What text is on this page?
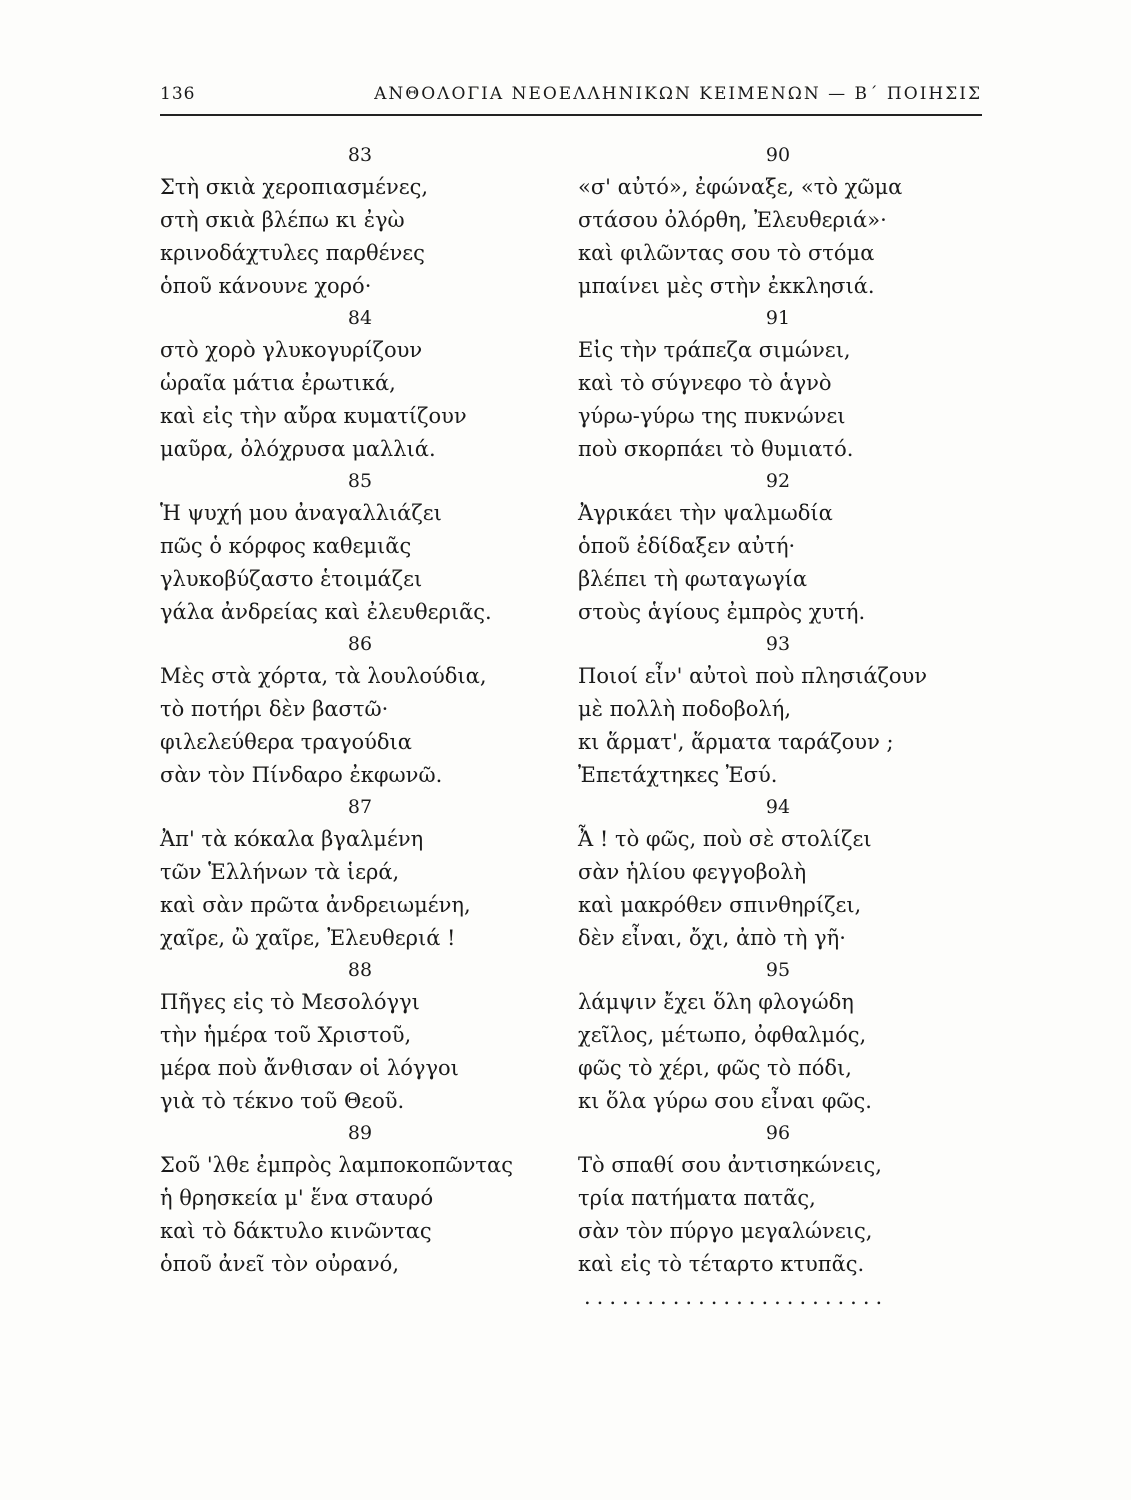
136	ΑΝΘΟΛΟΓΙΑ ΝΕΟΕΛΛΗΝΙΚΩΝ ΚΕΙΜΕΝΩΝ — Β΄ ΠΟΙΗΣΙΣ
83
Στὴ σκιὰ χεροπιασμένες,
στὴ σκιὰ βλέπω κι ἐγὼ
κρινοδάχτυλες παρθένες
ὁποῦ κάνουνε χορό·
84
στὸ χορὸ γλυκογυρίζουν
ὡραῖα μάτια ἐρωτικά,
καὶ εἰς τὴν αὔρα κυματίζουν
μαῦρα, ὀλόχρυσα μαλλιά.
85
Ἡ ψυχή μου ἀναγαλλιάζει
πῶς ὁ κόρφος καθεμιᾶς
γλυκοβύζαστο ἑτοιμάζει
γάλα ἀνδρείας καὶ ἐλευθεριᾶς.
86
Μὲς στὰ χόρτα, τὰ λουλούδια,
τὸ ποτήρι δὲν βαστῶ·
φιλελεύθερα τραγούδια
σὰν τὸν Πίνδαρο ἐκφωνῶ.
87
Ἀπ' τὰ κόκαλα βγαλμένη
τῶν Ἑλλήνων τὰ ἱερά,
καὶ σὰν πρῶτα ἀνδρειωμένη,
χαῖρε, ὢ χαῖρε, Ἐλευθεριά !
88
Πῆγες εἰς τὸ Μεσολόγγι
τὴν ἡμέρα τοῦ Χριστοῦ,
μέρα ποὺ ἄνθισαν οἱ λόγγοι
γιὰ τὸ τέκνο τοῦ Θεοῦ.
89
Σοῦ 'λθε ἐμπρὸς λαμποκοπῶντας
ἡ θρησκεία μ' ἕνα σταυρό
καὶ τὸ δάκτυλο κινῶντας
ὁποῦ ἀνεῖ τὸν οὐρανό,
90
«σ' αὐτό», ἐφώναξε, «τὸ χῶμα
στάσου ὀλόρθη, Ἐλευθεριά»·
καὶ φιλῶντας σου τὸ στόμα
μπαίνει μὲς στὴν ἐκκλησιά.
91
Εἰς τὴν τράπεζα σιμώνει,
καὶ τὸ σύγνεφο τὸ ἁγνὸ
γύρω-γύρω της πυκνώνει
ποὺ σκορπάει τὸ θυμιατό.
92
Ἀγρικάει τὴν ψαλμωδία
ὁποῦ ἐδίδαξεν αὐτή·
βλέπει τὴ φωταγωγία
στοὺς ἁγίους ἐμπρὸς χυτή.
93
Ποιοί εἶν' αὐτοὶ ποὺ πλησιάζουν
μὲ πολλὴ ποδοβολή,
κι ἅρματ', ἅρματα ταράζουν ;
Ἐπετάχτηκες Ἐσύ.
94
Ἆ ! τὸ φῶς, ποὺ σὲ στολίζει
σὰν ἡλίου φεγγοβολὴ
καὶ μακρόθεν σπινθηρίζει,
δὲν εἶναι, ὄχι, ἀπὸ τὴ γῆ·
95
λάμψιν ἔχει ὅλη φλογώδη
χεῖλος, μέτωπο, ὀφθαλμός,
φῶς τὸ χέρι, φῶς τὸ πόδι,
κι ὅλα γύρω σου εἶναι φῶς.
96
Τὸ σπαθί σου ἀντισηκώνεις,
τρία πατήματα πατᾶς,
σὰν τὸν πύργο μεγαλώνεις,
καὶ εἰς τὸ τέταρτο κτυπᾶς.
........................
